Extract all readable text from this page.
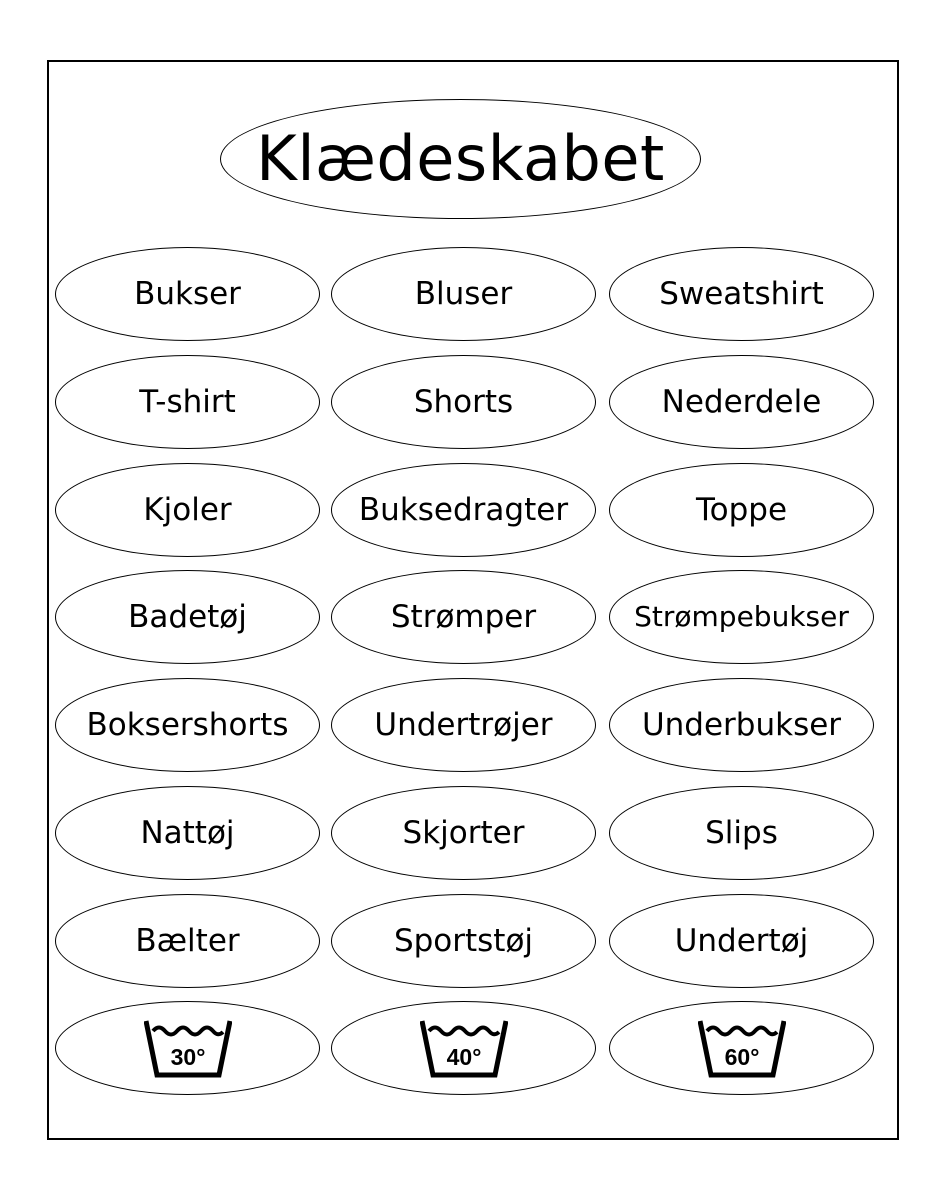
Klædeskabet
Bukser	Bluser	Sweatshirt
T-shirt	Shorts	Nederdele
Kjoler	Buksedragter	Toppe
Badetøj	Strømper	Strømpebukser
Boksershorts	Undertrøjer	Underbukser
Nattøj	Skjorter	Slips
Bælter	Sportstøj	Undertøj
30°	40°	60°
